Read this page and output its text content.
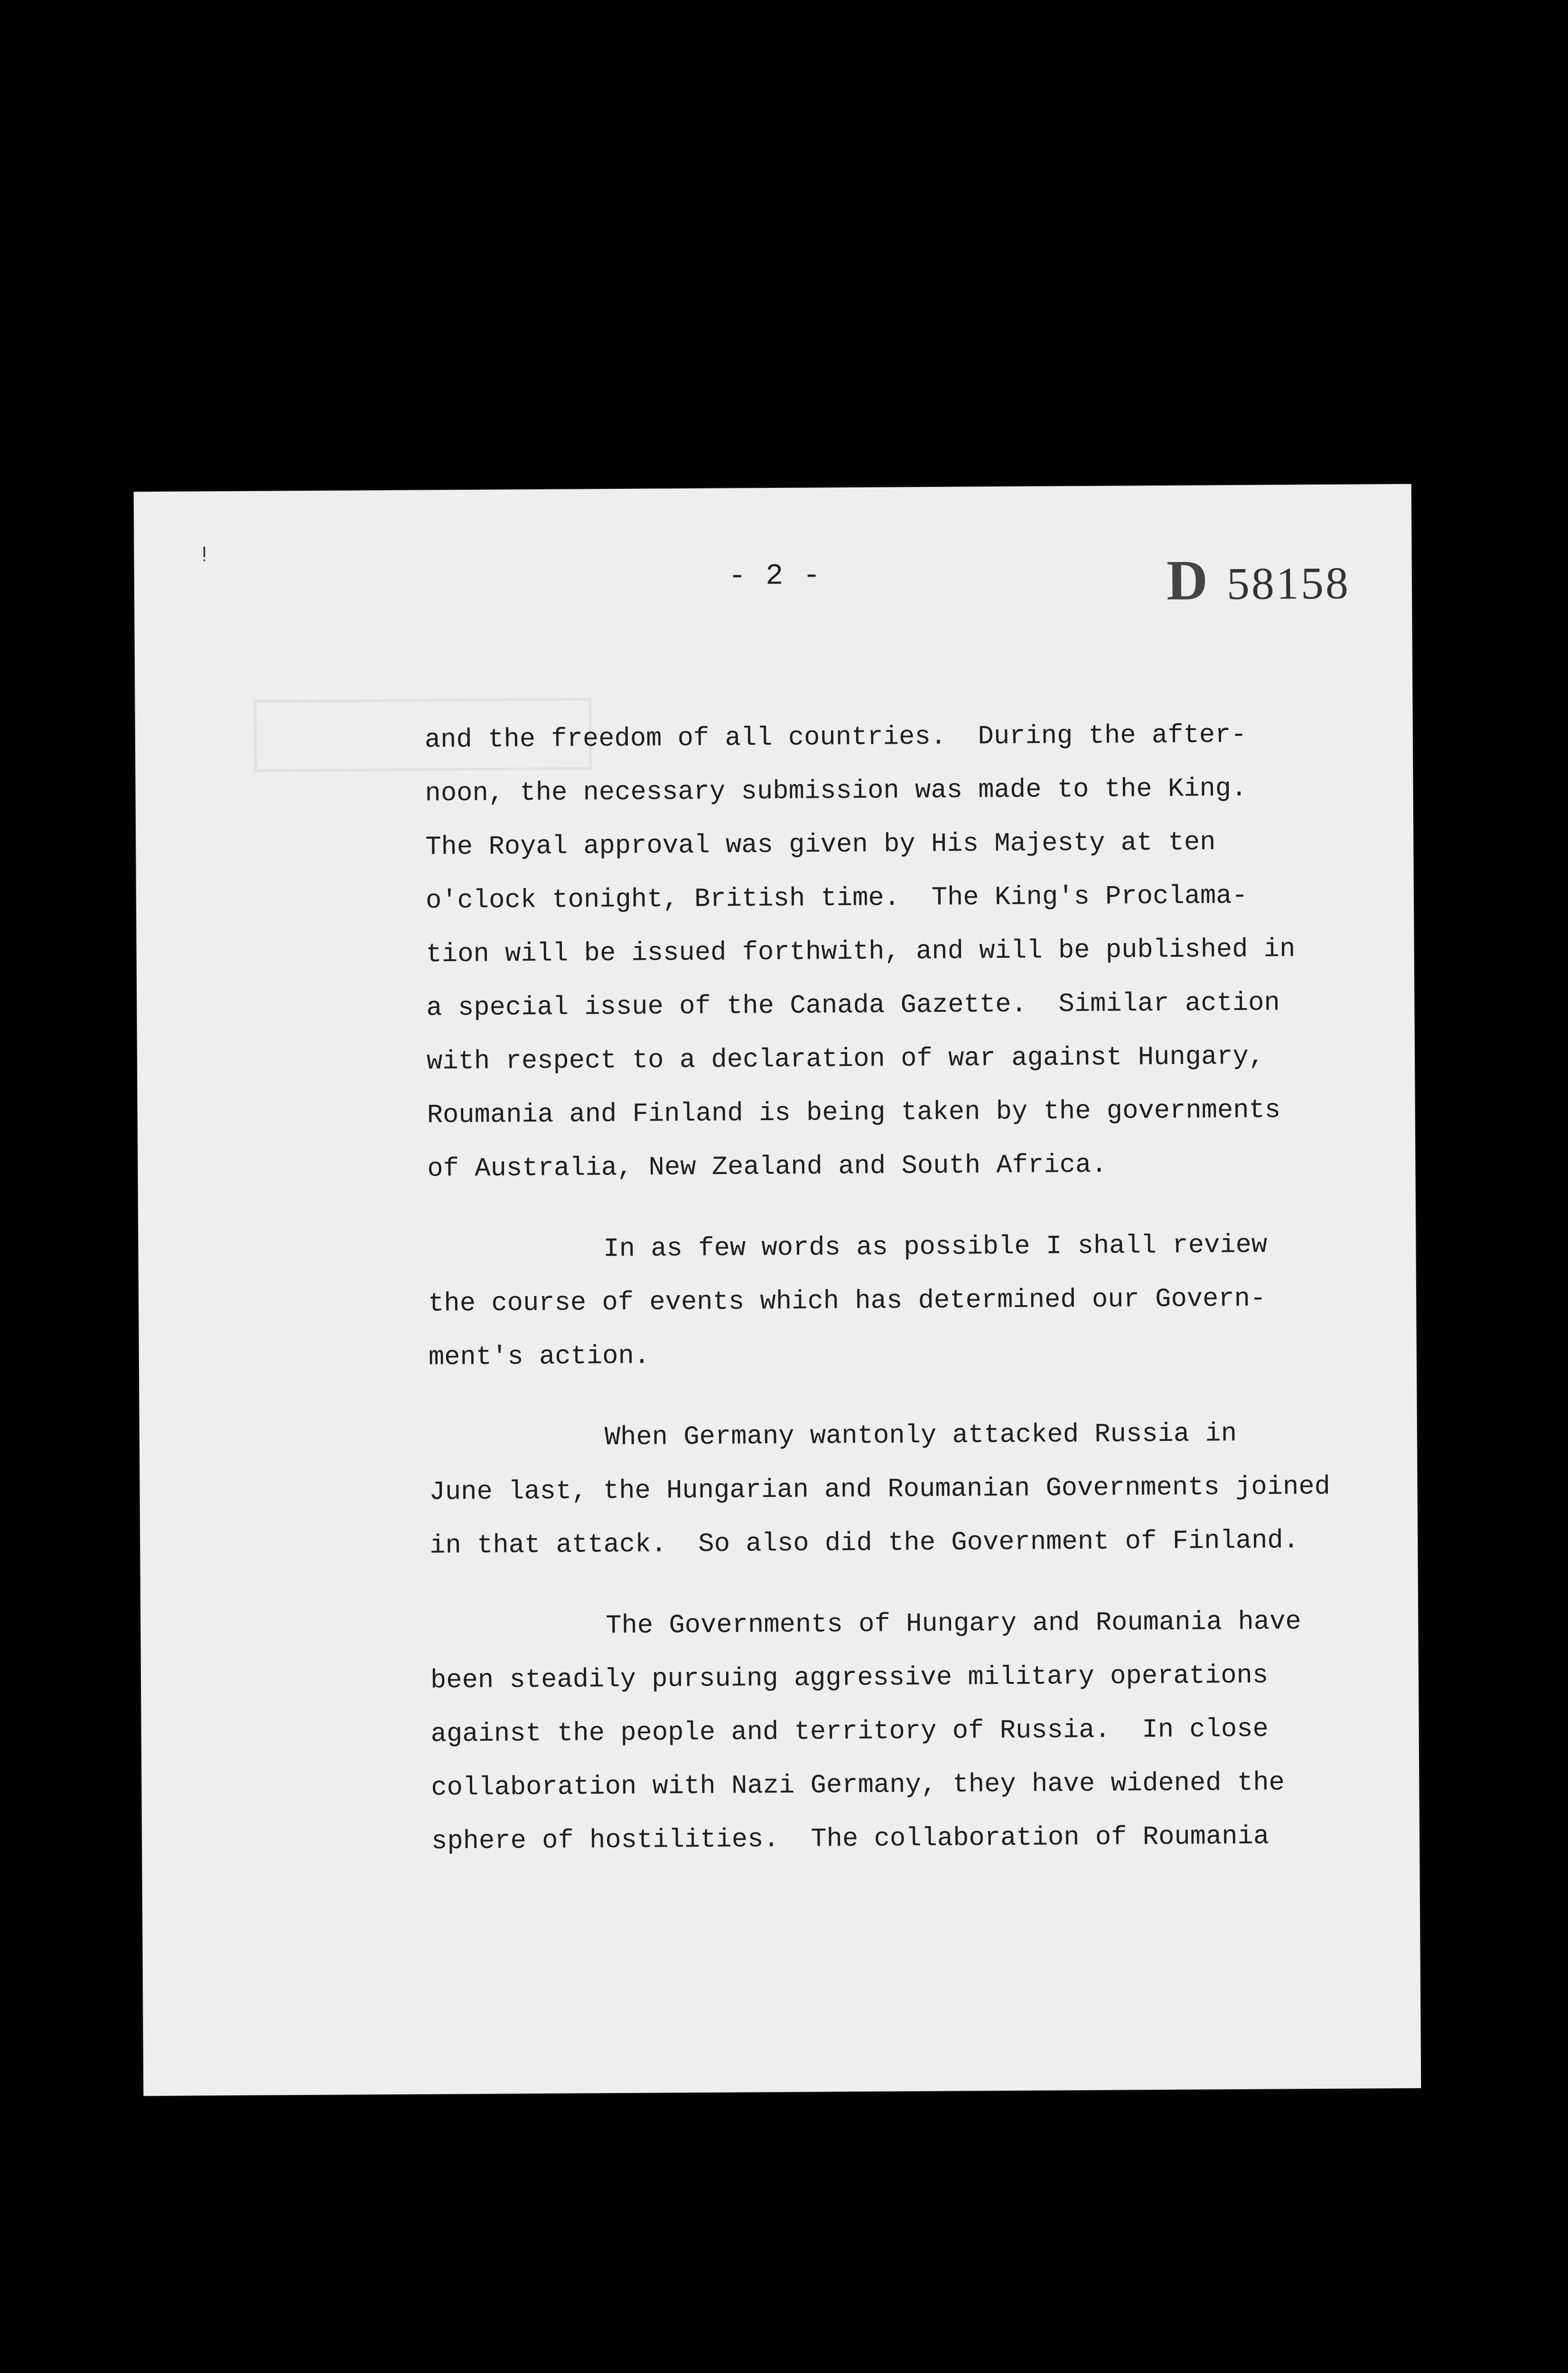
ᵎ
- 2 -	D 58158
and the freedom of all countries.  During the after-
noon, the necessary submission was made to the King.
The Royal approval was given by His Majesty at ten
o'clock tonight, British time.  The King's Proclama-
tion will be issued forthwith, and will be published in
a special issue of the Canada Gazette.  Similar action
with respect to a declaration of war against Hungary,
Roumania and Finland is being taken by the governments
of Australia, New Zealand and South Africa.
In as few words as possible I shall review
the course of events which has determined our Govern-
ment's action.
When Germany wantonly attacked Russia in
June last, the Hungarian and Roumanian Governments joined
in that attack.  So also did the Government of Finland.
The Governments of Hungary and Roumania have
been steadily pursuing aggressive military operations
against the people and territory of Russia.  In close
collaboration with Nazi Germany, they have widened the
sphere of hostilities.  The collaboration of Roumania
